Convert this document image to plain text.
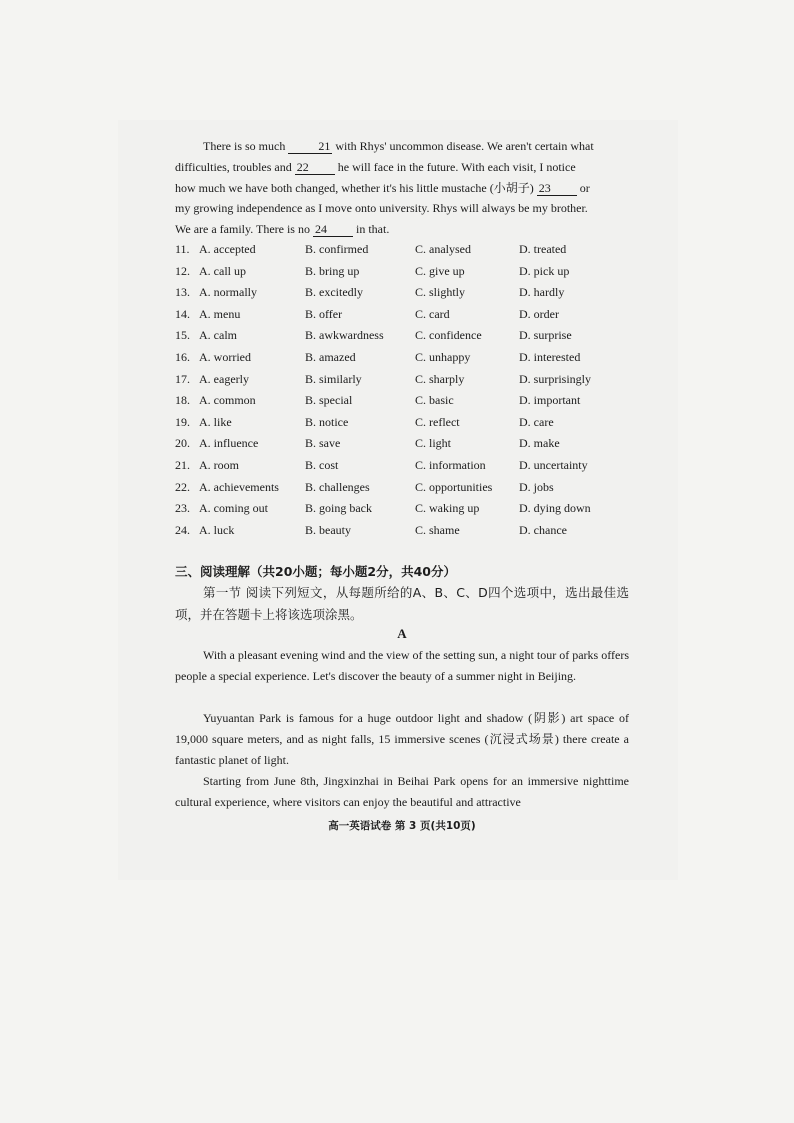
There is so much	21 with Rhys' uncommon disease. We aren't certain what
difficulties, troubles and 22 he will face in the future. With each visit, I notice
how much we have both changed, whether it's his little mustache (小胡子) 23 or
my growing independence as I move onto university. Rhys will always be my brother.
We are a family. There is no 24 in that.
11. A. accepted	B. confirmed	C. analysed	D. treated
12. A. call up	B. bring up	C. give up	D. pick up
13. A. normally	B. excitedly	C. slightly	D. hardly
14. A. menu	B. offer	C. card	D. order
15. A. calm	B. awkwardness	C. confidence	D. surprise
16. A. worried	B. amazed	C. unhappy	D. interested
17. A. eagerly	B. similarly	C. sharply	D. surprisingly
18. A. common	B. special	C. basic	D. important
19. A. like	B. notice	C. reflect	D. care
20. A. influence	B. save	C. light	D. make
21. A. room	B. cost	C. information	D. uncertainty
22. A. achievements B. challenges	C. opportunities D. jobs
23. A. coming out	B. going back	C. waking up	D. dying down
24. A. luck	B. beauty	C. shame	D. chance
三、阅读理解（共20小题；每小题2分，共40分）
第一节 阅读下列短文，从每题所给的A、B、C、D四个选项中，选出最佳选项，并在答题卡上将该选项涂黑。
A
With a pleasant evening wind and the view of the setting sun, a night tour of parks offers people a special experience. Let's discover the beauty of a summer night in Beijing.
Yuyuantan Park is famous for a huge outdoor light and shadow (阴影) art space of 19,000 square meters, and as night falls, 15 immersive scenes (沉浸式场景) there create a fantastic planet of light.
Starting from June 8th, Jingxinzhai in Beihai Park opens for an immersive nighttime cultural experience, where visitors can enjoy the beautiful and attractive
高一英语试卷 第 3 页(共10页)
